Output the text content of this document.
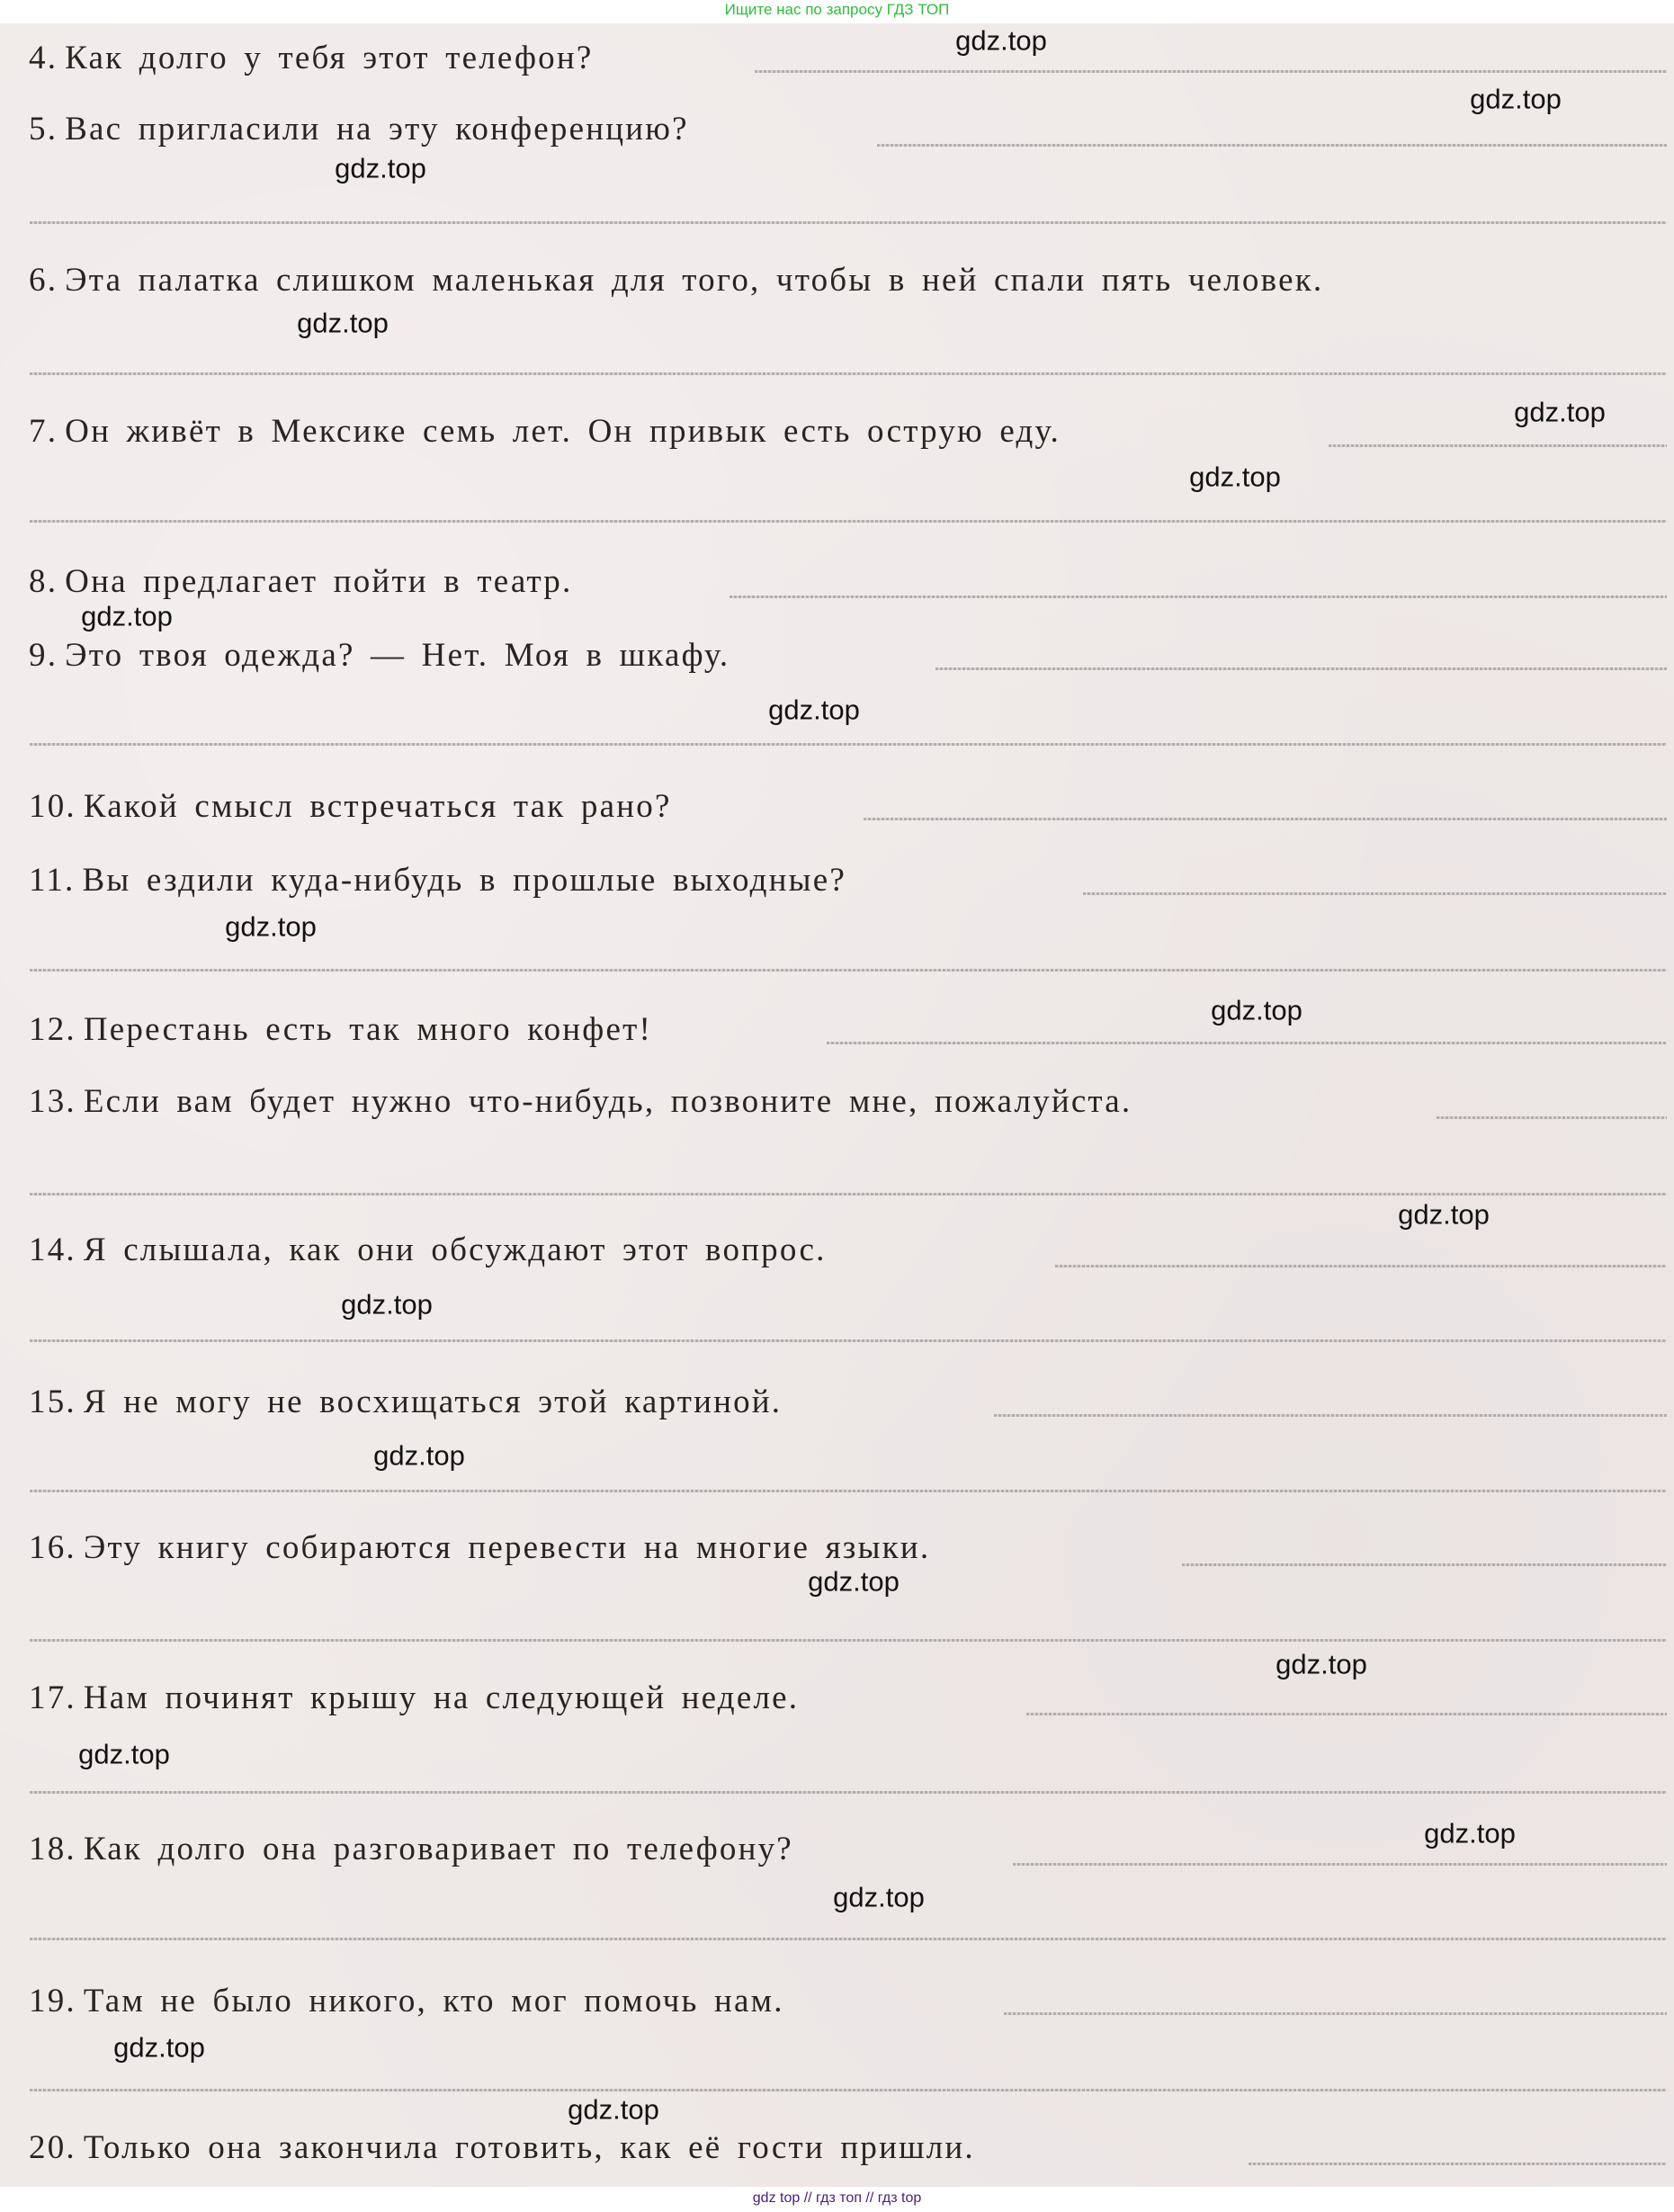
Ищите нас по запросу ГДЗ ТОП
4. Как долго у тебя этот телефон?
5. Вас пригласили на эту конференцию?
6. Эта палатка слишком маленькая для того, чтобы в ней спали пять человек.
7. Он живёт в Мексике семь лет. Он привык есть острую еду.
8. Она предлагает пойти в театр.
9. Это твоя одежда? — Нет. Моя в шкафу.
10. Какой смысл встречаться так рано?
11. Вы ездили куда-нибудь в прошлые выходные?
12. Перестань есть так много конфет!
13. Если вам будет нужно что-нибудь, позвоните мне, пожалуйста.
14. Я слышала, как они обсуждают этот вопрос.
15. Я не могу не восхищаться этой картиной.
16. Эту книгу собираются перевести на многие языки.
17. Нам починят крышу на следующей неделе.
18. Как долго она разговаривает по телефону?
19. Там не было никого, кто мог помочь нам.
20. Только она закончила готовить, как её гости пришли.
gdz.top
gdz.top
gdz.top
gdz.top
gdz.top
gdz.top
gdz.top
gdz.top
gdz.top
gdz.top
gdz.top
gdz.top
gdz.top
gdz.top
gdz.top
gdz.top
gdz.top
gdz.top
gdz.top
gdz.top
gdz top // гдз топ // гдз top
